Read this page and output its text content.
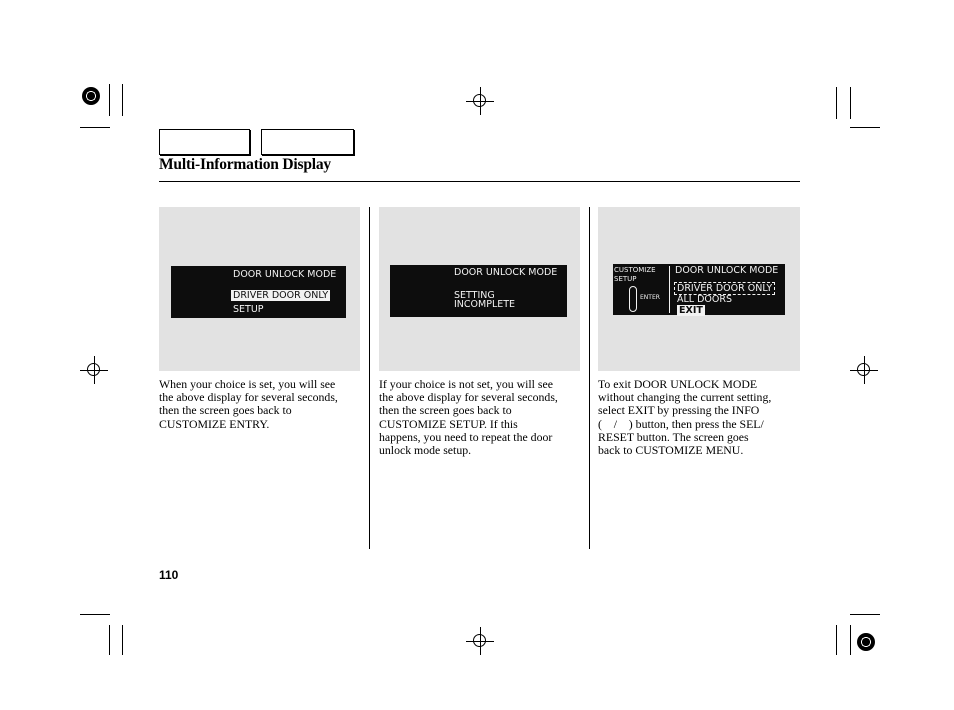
Multi-Information Display
DOOR UNLOCK MODE
DRIVER DOOR ONLY
SETUP
DOOR UNLOCK MODE
SETTING
INCOMPLETE
CUSTOMIZE
SETUP
ENTER
DOOR UNLOCK MODE
DRIVER DOOR ONLY
ALL DOORS
EXIT
When your choice is set, you will see
the above display for several seconds,
then the screen goes back to
CUSTOMIZE ENTRY.
If your choice is not set, you will see
the above display for several seconds,
then the screen goes back to
CUSTOMIZE SETUP. If this
happens, you need to repeat the door
unlock mode setup.
To exit DOOR UNLOCK MODE
without changing the current setting,
select EXIT by pressing the INFO
(    /    ) button, then press the SEL/
RESET button. The screen goes
back to CUSTOMIZE MENU.
110
